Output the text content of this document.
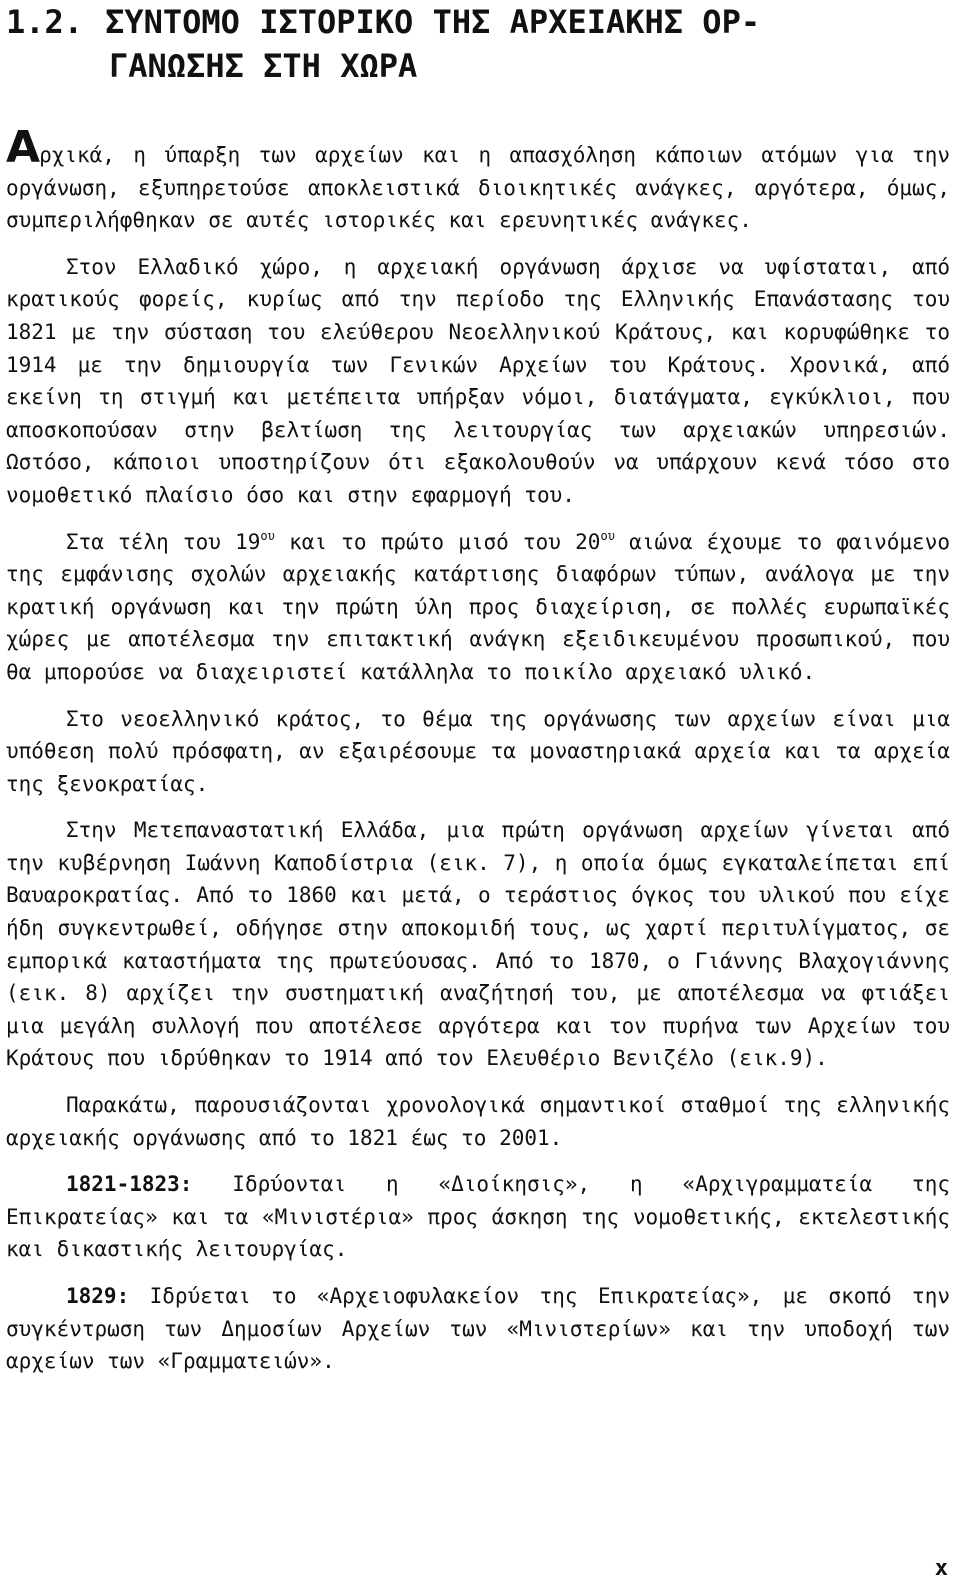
1.2. ΣΥΝΤΟΜΟ ΙΣΤΟΡΙΚΟ ΤΗΣ ΑΡΧΕΙΑΚΗΣ ΟΡ-
ΓΑΝΩΣΗΣ ΣΤΗ ΧΩΡΑ

Αρχικά, η ύπαρξη των αρχείων και η απασχόληση κάποιων ατόμων για την οργάνωση, εξυπηρετούσε αποκλειστικά διοικητικές ανάγκες, αργότερα, όμως, συμπεριλήφθηκαν σε αυτές ιστορικές και ερευνητικές ανάγκες.

Στον Ελλαδικό χώρο, η αρχειακή οργάνωση άρχισε να υφίσταται, από κρατικούς φορείς, κυρίως από την περίοδο της Ελληνικής Επανάστασης του 1821 με την σύσταση του ελεύθερου Νεοελληνικού Κράτους, και κορυφώθηκε το 1914 με την δημιουργία των Γενικών Αρχείων του Κράτους. Χρονικά, από εκείνη τη στιγμή και μετέπειτα υπήρξαν νόμοι, διατάγματα, εγκύκλιοι, που αποσκοπούσαν στην βελτίωση της λειτουργίας των αρχειακών υπηρεσιών. Ωστόσο, κάποιοι υποστηρίζουν ότι εξακολουθούν να υπάρχουν κενά τόσο στο νομοθετικό πλαίσιο όσο και στην εφαρμογή του.

Στα τέλη του $19^{o\upsilon}$ και το πρώτο μισό του $20^{o\upsilon}$ αιώνα έχουμε το φαινόμενο της εμφάνισης σχολών αρχειακής κατάρτισης διαφόρων τύπων, ανάλογα με την κρατική οργάνωση και την πρώτη ύλη προς διαχείριση, σε πολλές ευρωπαϊκές χώρες με αποτέλεσμα την επιτακτική ανάγκη εξειδικευμένου προσωπικού, που θα μπορούσε να διαχειριστεί κατάλληλα το ποικίλο αρχειακό υλικό.

Στο νεοελληνικό κράτος, το θέμα της οργάνωσης των αρχείων είναι μια υπόθεση πολύ πρόσφατη, αν εξαιρέσουμε τα μοναστηριακά αρχεία και τα αρχεία της ξενοκρατίας.

Στην Μετεπαναστατική Ελλάδα, μια πρώτη οργάνωση αρχείων γίνεται από την κυβέρνηση Ιωάννη Καποδίστρια (εικ. 7), η οποία όμως εγκαταλείπεται επί Βαυαροκρατίας. Από το 1860 και μετά, ο τεράστιος όγκος του υλικού που είχε ήδη συγκεντρωθεί, οδήγησε στην αποκομιδή τους, ως χαρτί περιτυλίγματος, σε εμπορικά καταστήματα της πρωτεύουσας. Από το 1870, ο Γιάννης Βλαχογιάννης (εικ. 8) αρχίζει την συστηματική αναζήτησή του, με αποτέλεσμα να φτιάξει μια μεγάλη συλλογή που αποτέλεσε αργότερα και τον πυρήνα των Αρχείων του Κράτους που ιδρύθηκαν το 1914 από τον Ελευθέριο Βενιζέλο (εικ.9).

Παρακάτω, παρουσιάζονται χρονολογικά σημαντικοί σταθμοί της ελληνικής αρχειακής οργάνωσης από το 1821 έως το 2001.

1821-1823: Ιδρύονται η «Διοίκησις», η «Αρχιγραμματεία της Επικρατείας» και τα «Μινιστέρια» προς άσκηση της νομοθετικής, εκτελεστικής και δικαστικής λειτουργίας.

1829: Ιδρύεται το «Αρχειοφυλακείον της Επικρατείας», με σκοπό την συγκέντρωση των Δημοσίων Αρχείων των «Μινιστερίων» και την υποδοχή των αρχείων των «Γραμματειών».

x
